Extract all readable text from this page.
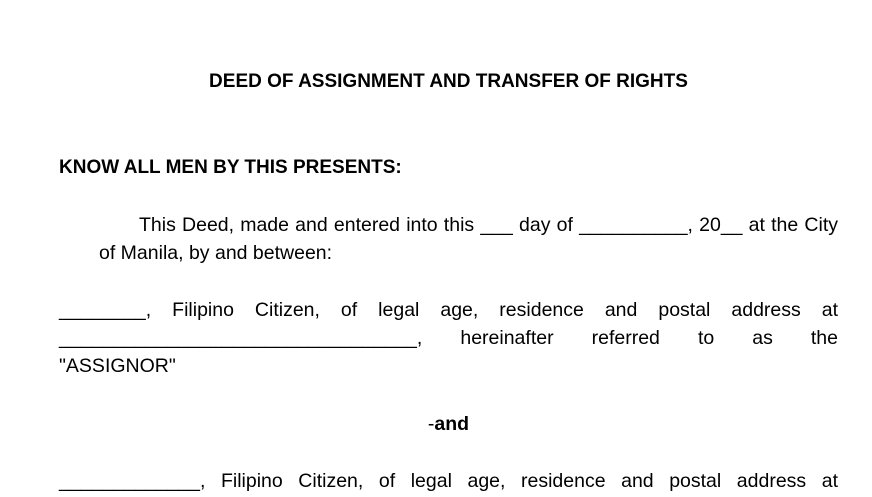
DEED OF ASSIGNMENT AND TRANSFER OF RIGHTS
KNOW ALL MEN BY THIS PRESENTS:
This Deed, made and entered into this ___ day of __________, 20__ at the City
of Manila, by and between:
________, Filipino Citizen, of legal age, residence and postal address at
_________________________________, hereinafter referred to as the
"ASSIGNOR"
-and
_____________, Filipino Citizen, of legal age, residence and postal address at
